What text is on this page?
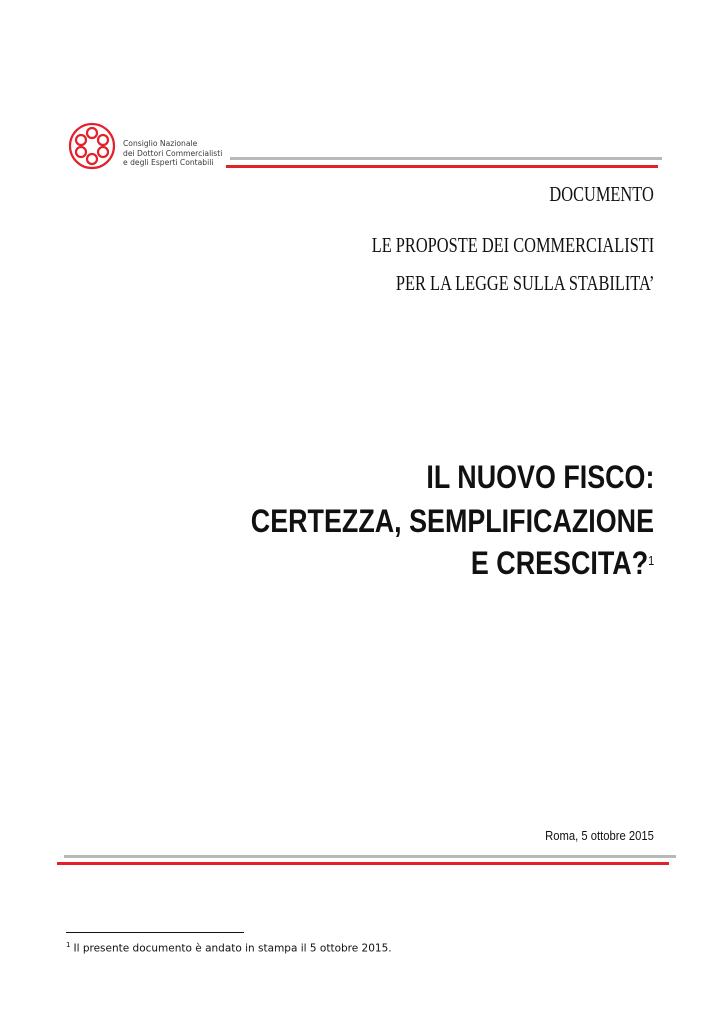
Consiglio Nazionale
dei Dottori Commercialisti
e degli Esperti Contabili
DOCUMENTO
LE PROPOSTE DEI COMMERCIALISTI
PER LA LEGGE SULLA STABILITA’
IL NUOVO FISCO:
CERTEZZA, SEMPLIFICAZIONE
E CRESCITA?$^1$
Roma, 5 ottobre 2015
$^1$ Il presente documento è andato in stampa il 5 ottobre 2015.
